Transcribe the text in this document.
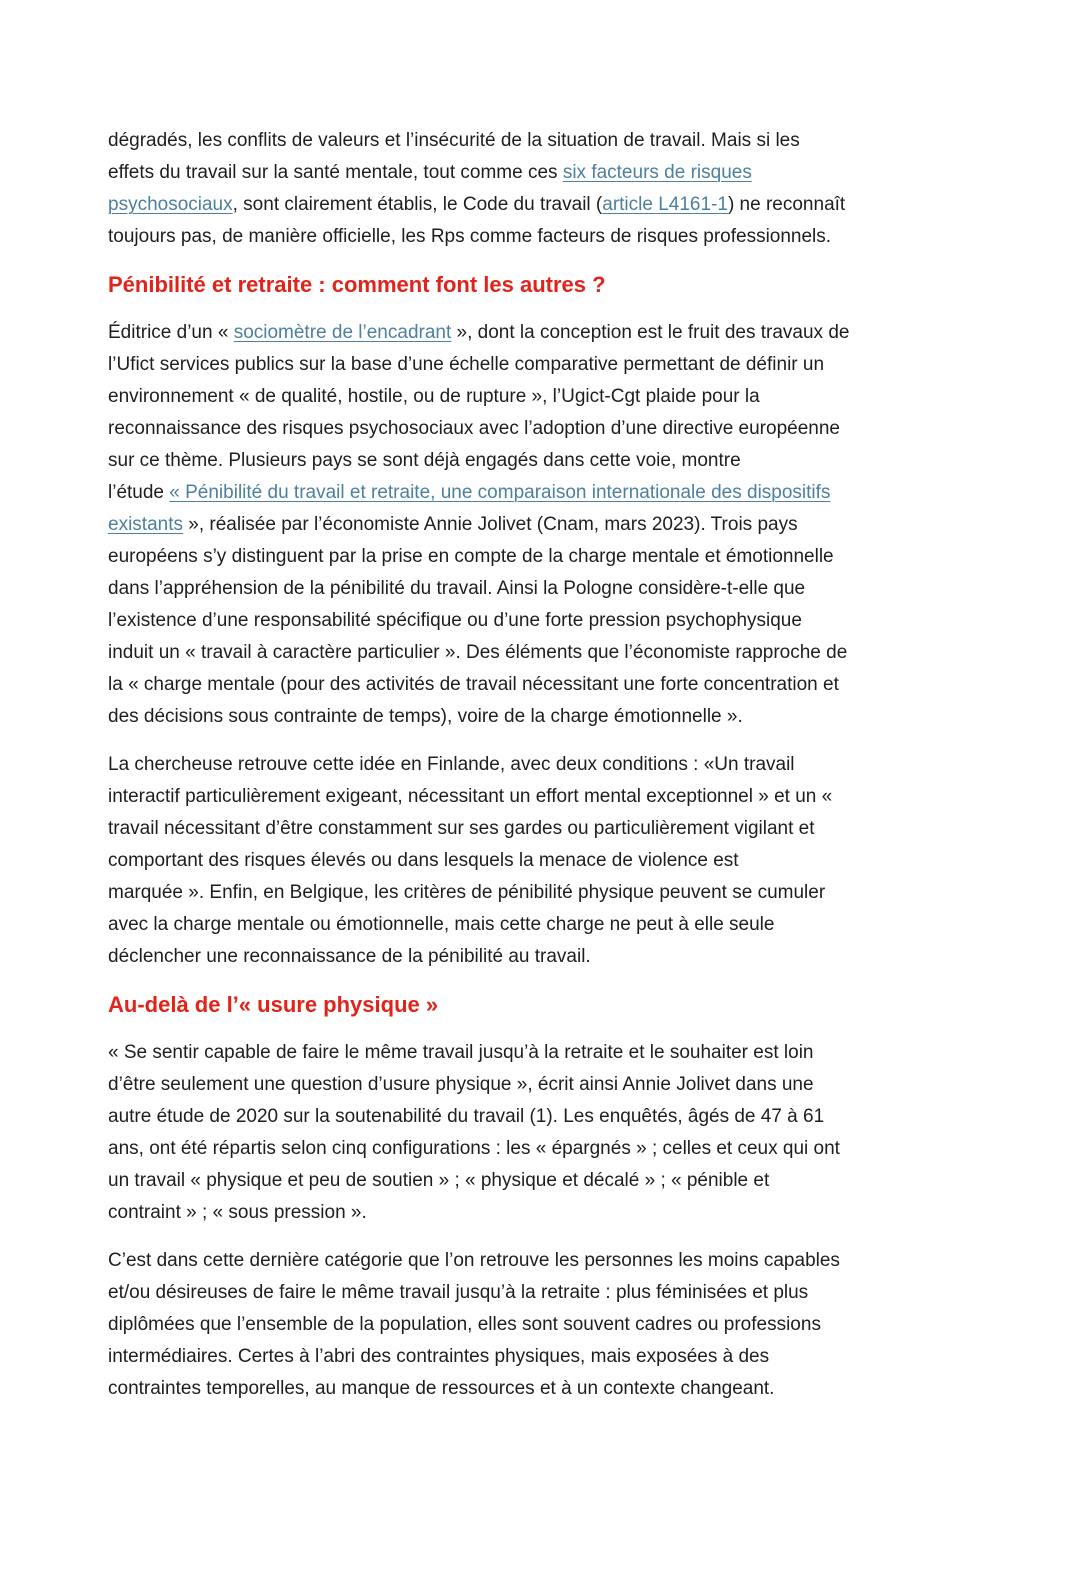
dégradés, les conflits de valeurs et l’insécurité de la situation de travail. Mais si les
effets du travail sur la santé mentale, tout comme ces six facteurs de risques
psychosociaux, sont clairement établis, le Code du travail (article L4161-1) ne reconnaît
toujours pas, de manière officielle, les Rps comme facteurs de risques professionnels.
Pénibilité et retraite : comment font les autres ?
Éditrice d’un « sociomètre de l’encadrant », dont la conception est le fruit des travaux de
l’Ufict services publics sur la base d’une échelle comparative permettant de définir un
environnement « de qualité, hostile, ou de rupture », l’Ugict-Cgt plaide pour la
reconnaissance des risques psychosociaux avec l’adoption d’une directive européenne
sur ce thème. Plusieurs pays se sont déjà engagés dans cette voie, montre
l’étude « Pénibilité du travail et retraite, une comparaison internationale des dispositifs
existants », réalisée par l’économiste Annie Jolivet (Cnam, mars 2023). Trois pays
européens s’y distinguent par la prise en compte de la charge mentale et émotionnelle
dans l’appréhension de la pénibilité du travail. Ainsi la Pologne considère-t-elle que
l’existence d’une responsabilité spécifique ou d’une forte pression psychophysique
induit un « travail à caractère particulier ». Des éléments que l’économiste rapproche de
la « charge mentale (pour des activités de travail nécessitant une forte concentration et
des décisions sous contrainte de temps), voire de la charge émotionnelle ».
La chercheuse retrouve cette idée en Finlande, avec deux conditions : «Un travail
interactif particulièrement exigeant, nécessitant un effort mental exceptionnel » et un «
travail nécessitant d’être constamment sur ses gardes ou particulièrement vigilant et
comportant des risques élevés ou dans lesquels la menace de violence est
marquée ». Enfin, en Belgique, les critères de pénibilité physique peuvent se cumuler
avec la charge mentale ou émotionnelle, mais cette charge ne peut à elle seule
déclencher une reconnaissance de la pénibilité au travail.
Au-delà de l’« usure physique »
« Se sentir capable de faire le même travail jusqu’à la retraite et le souhaiter est loin
d’être seulement une question d’usure physique », écrit ainsi Annie Jolivet dans une
autre étude de 2020 sur la soutenabilité du travail (1). Les enquêtés, âgés de 47 à 61
ans, ont été répartis selon cinq configurations : les « épargnés » ; celles et ceux qui ont
un travail « physique et peu de soutien » ; « physique et décalé » ; « pénible et
contraint » ; « sous pression ».
C’est dans cette dernière catégorie que l’on retrouve les personnes les moins capables
et/ou désireuses de faire le même travail jusqu’à la retraite : plus féminisées et plus
diplômées que l’ensemble de la population, elles sont souvent cadres ou professions
intermédiaires. Certes à l’abri des contraintes physiques, mais exposées à des
contraintes temporelles, au manque de ressources et à un contexte changeant.
